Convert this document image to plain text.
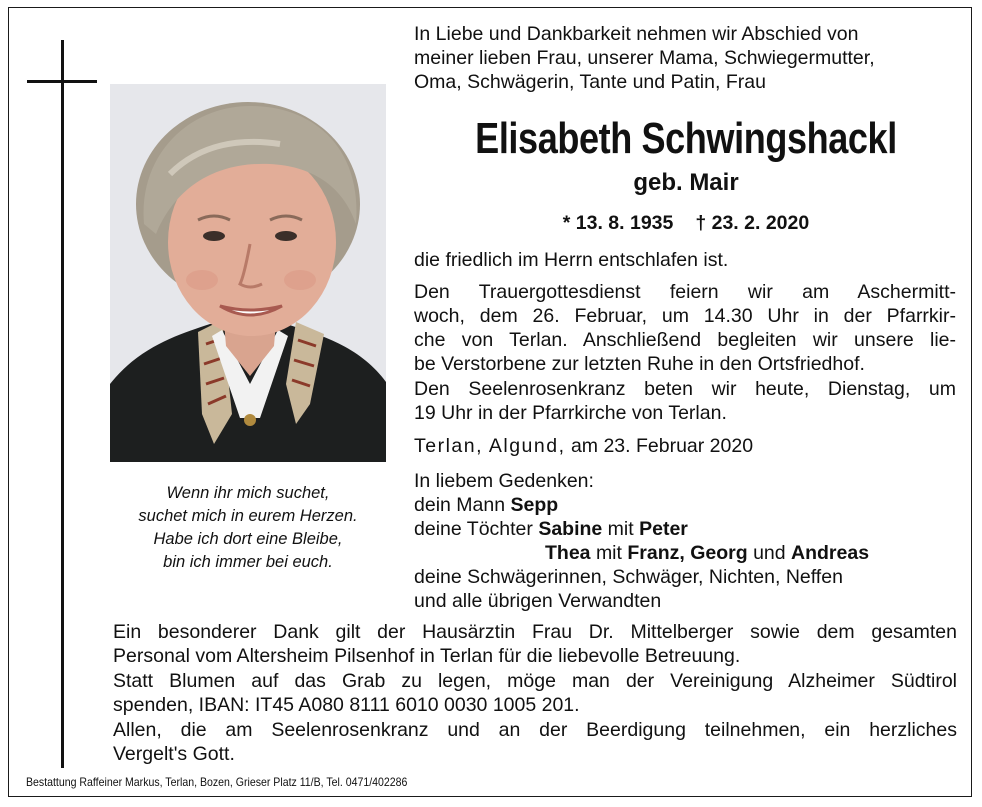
Wenn ihr mich suchet,
suchet mich in eurem Herzen.
Habe ich dort eine Bleibe,
bin ich immer bei euch.
In Liebe und Dankbarkeit nehmen wir Abschied von
meiner lieben Frau, unserer Mama, Schwiegermutter,
Oma, Schwägerin, Tante und Patin, Frau
Elisabeth Schwingshackl
geb. Mair
* 13. 8. 1935 † 23. 2. 2020
die friedlich im Herrn entschlafen ist.
Den Trauergottesdienst feiern wir am Aschermitt-
woch, dem 26. Februar, um 14.30 Uhr in der Pfarrkir-
che von Terlan. Anschließend begleiten wir unsere lie-
be Verstorbene zur letzten Ruhe in den Ortsfriedhof.
Den Seelenrosenkranz beten wir heute, Dienstag, um
19 Uhr in der Pfarrkirche von Terlan.
Terlan, Algund, am 23. Februar 2020
In liebem Gedenken:
dein Mann Sepp
deine Töchter Sabine mit Peter
Thea mit Franz, Georg und Andreas
deine Schwägerinnen, Schwäger, Nichten, Neffen
und alle übrigen Verwandten
Ein besonderer Dank gilt der Hausärztin Frau Dr. Mittelberger sowie dem gesamten
Personal vom Altersheim Pilsenhof in Terlan für die liebevolle Betreuung.
Statt Blumen auf das Grab zu legen, möge man der Vereinigung Alzheimer Südtirol
spenden, IBAN: IT45 A080 8111 6010 0030 1005 201.
Allen, die am Seelenrosenkranz und an der Beerdigung teilnehmen, ein herzliches
Vergelt's Gott.
Bestattung Raffeiner Markus, Terlan, Bozen, Grieser Platz 11/B, Tel. 0471/402286
